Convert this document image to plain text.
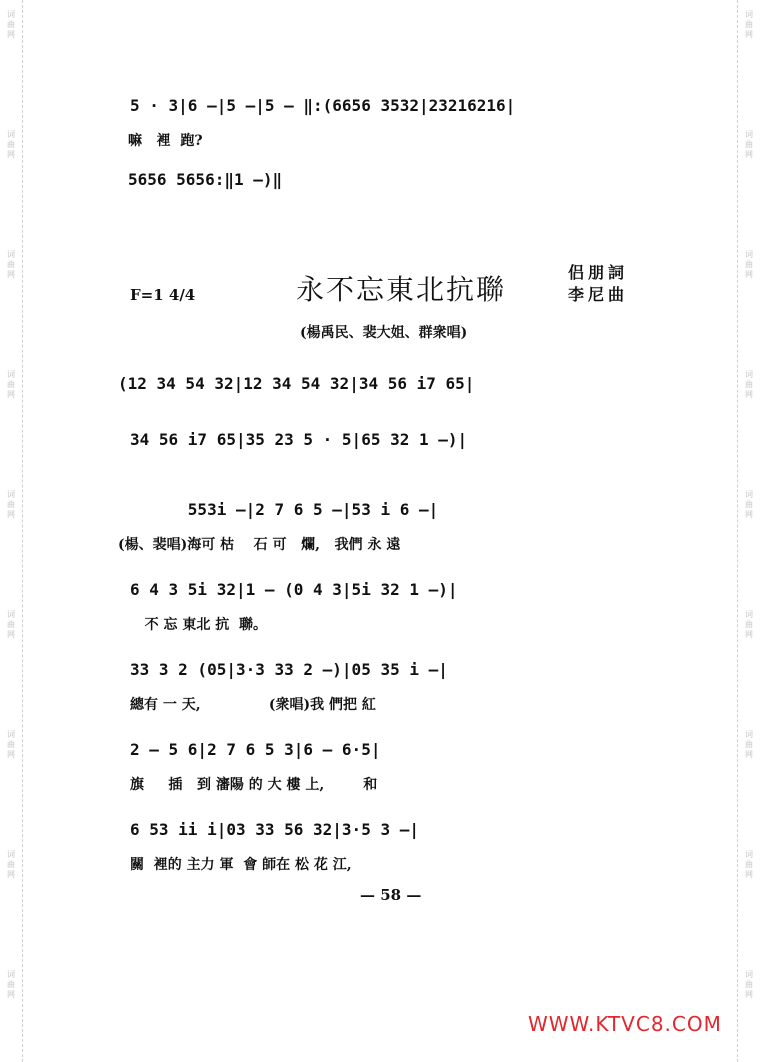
词
曲
网
词
曲
网
词
曲
网
词
曲
网
词
曲
网
词
曲
网
词
曲
网
词
曲
网
词
曲
网
词
曲
网
词
曲
网
词
曲
网
词
曲
网
词
曲
网
词
曲
网
词
曲
网
词
曲
网
词
曲
网
5 · 3|6 —|5 —|5 — ‖:(6656 3532|23216216|
嘛   裡  跑?
5656 5656:‖1 —)‖
F=1 4/4	永不忘東北抗聯
侣朋詞
李尼曲
(楊禹民、裴大姐、群衆唱)
(12 34 54 32|12 34 54 32|34 56 i7 65|
34 56 i7 65|35 23 5 · 5|65 32 1 —)|
553i —|2 7 6 5 —|53 i 6 —|
(楊、裴唱)海可 枯    石 可   爛,   我們 永 遠
6 4 3 5i 32|1 — (0 4 3|5i 32 1 —)|
不 忘 東北 抗  聯。
33 3 2 (05|3·3 33 2 —)|05 35 i —|
總有 一 天,              (衆唱)我 們把 紅
2 — 5 6|2 7 6 5 3|6 — 6·5|
旗     插   到 瀋陽 的 大 樓 上,        和
6 53 ii i|03 33 56 32|3·5 3 —|
關  裡的 主力 軍  會 師在 松 花 江,
— 58 —
WWW.KTVC8.COM
